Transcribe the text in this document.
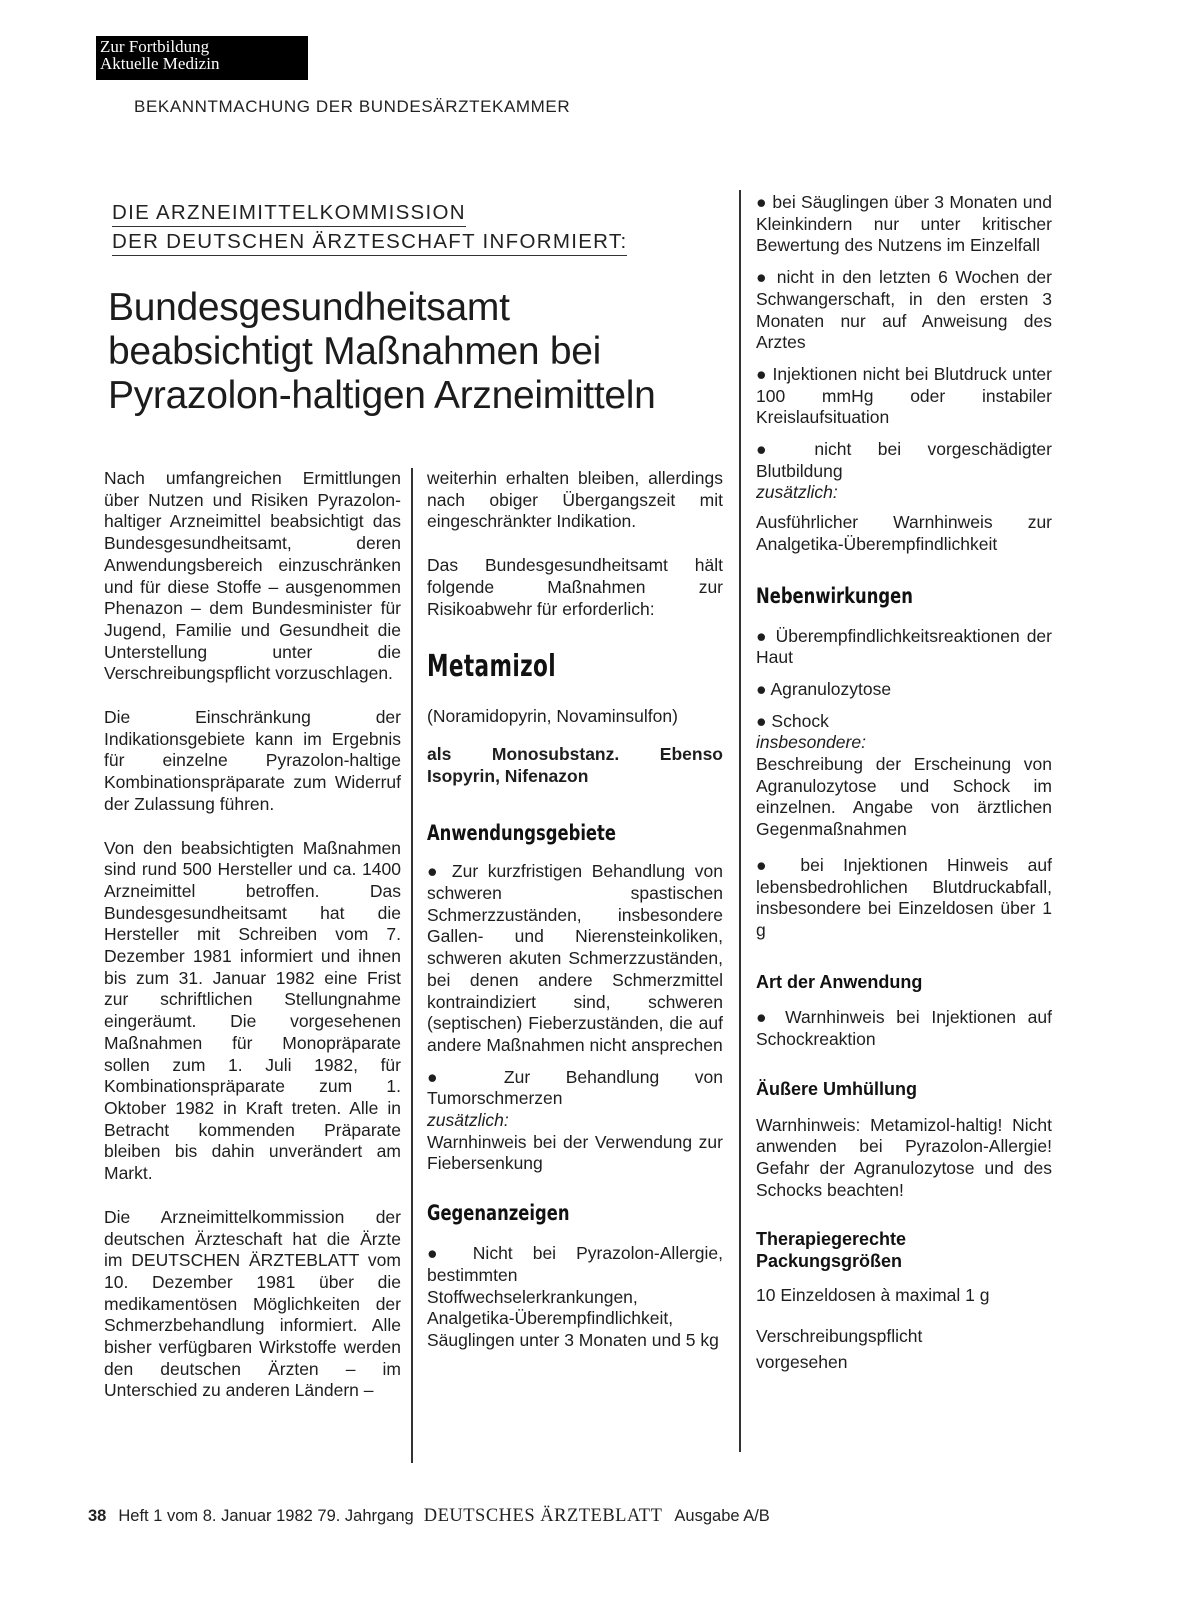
Zur Fortbildung
Aktuelle Medizin
BEKANNTMACHUNG DER BUNDESÄRZTEKAMMER
DIE ARZNEIMITTELKOMMISSION
DER DEUTSCHEN ÄRZTESCHAFT INFORMIERT:
Bundesgesundheitsamt
beabsichtigt Maßnahmen bei
Pyrazolon-haltigen Arzneimitteln

Nach umfangreichen Ermittlungen über Nutzen und Risiken Pyrazolon-haltiger Arzneimittel beabsichtigt das Bundesgesundheitsamt, deren Anwendungsbereich einzuschränken und für diese Stoffe – ausgenommen Phenazon – dem Bundesminister für Jugend, Familie und Gesundheit die Unterstellung unter die Verschreibungspflicht vorzuschlagen.

Die Einschränkung der Indikationsgebiete kann im Ergebnis für einzelne Pyrazolon-haltige Kombinationspräparate zum Widerruf der Zulassung führen.

Von den beabsichtigten Maßnahmen sind rund 500 Hersteller und ca. 1400 Arzneimittel betroffen. Das Bundesgesundheitsamt hat die Hersteller mit Schreiben vom 7. Dezember 1981 informiert und ihnen bis zum 31. Januar 1982 eine Frist zur schriftlichen Stellungnahme eingeräumt. Die vorgesehenen Maßnahmen für Monopräparate sollen zum 1. Juli 1982, für Kombinationspräparate zum 1. Oktober 1982 in Kraft treten. Alle in Betracht kommenden Präparate bleiben bis dahin unverändert am Markt.

Die Arzneimittelkommission der deutschen Ärzteschaft hat die Ärzte im DEUTSCHEN ÄRZTEBLATT vom 10. Dezember 1981 über die medikamentösen Möglichkeiten der Schmerzbehandlung informiert. Alle bisher verfügbaren Wirkstoffe werden den deutschen Ärzten – im Unterschied zu anderen Ländern –

weiterhin erhalten bleiben, allerdings nach obiger Übergangszeit mit eingeschränkter Indikation.

Das Bundesgesundheitsamt hält folgende Maßnahmen zur Risikoabwehr für erforderlich:

Metamizol

(Noramidopyrin, Novaminsulfon)

als Monosubstanz. Ebenso Isopyrin, Nifenazon

Anwendungsgebiete

● Zur kurzfristigen Behandlung von schweren spastischen Schmerzzuständen, insbesondere Gallen- und Nierensteinkoliken, schweren akuten Schmerzzuständen, bei denen andere Schmerzmittel kontraindiziert sind, schweren (septischen) Fieberzuständen, die auf andere Maßnahmen nicht ansprechen

● Zur Behandlung von Tumorschmerzen

zusätzlich:

Warnhinweis bei der Verwendung zur Fiebersenkung

Gegenanzeigen

● Nicht bei Pyrazolon-Allergie, bestimmten Stoffwechselerkrankungen, Analgetika-Überempfindlichkeit, Säuglingen unter 3 Monaten und 5 kg

● bei Säuglingen über 3 Monaten und Kleinkindern nur unter kritischer Bewertung des Nutzens im Einzelfall

● nicht in den letzten 6 Wochen der Schwangerschaft, in den ersten 3 Monaten nur auf Anweisung des Arztes

● Injektionen nicht bei Blutdruck unter 100 mmHg oder instabiler Kreislaufsituation

● nicht bei vorgeschädigter Blutbildung

zusätzlich:

Ausführlicher Warnhinweis zur Analgetika-Überempfindlichkeit

Nebenwirkungen

● Überempfindlichkeitsreaktionen der Haut

● Agranulozytose

● Schock

insbesondere:

Beschreibung der Erscheinung von Agranulozytose und Schock im einzelnen. Angabe von ärztlichen Gegenmaßnahmen

● bei Injektionen Hinweis auf lebensbedrohlichen Blutdruckabfall, insbesondere bei Einzeldosen über 1 g

Art der Anwendung

● Warnhinweis bei Injektionen auf Schockreaktion

Äußere Umhüllung

Warnhinweis: Metamizol-haltig! Nicht anwenden bei Pyrazolon-Allergie! Gefahr der Agranulozytose und des Schocks beachten!

Therapiegerechte Packungsgrößen

10 Einzeldosen à maximal 1 g

Verschreibungspflicht

vorgesehen

38 Heft 1 vom 8. Januar 1982 79. Jahrgang DEUTSCHES ÄRZTEBLATT Ausgabe A/B
